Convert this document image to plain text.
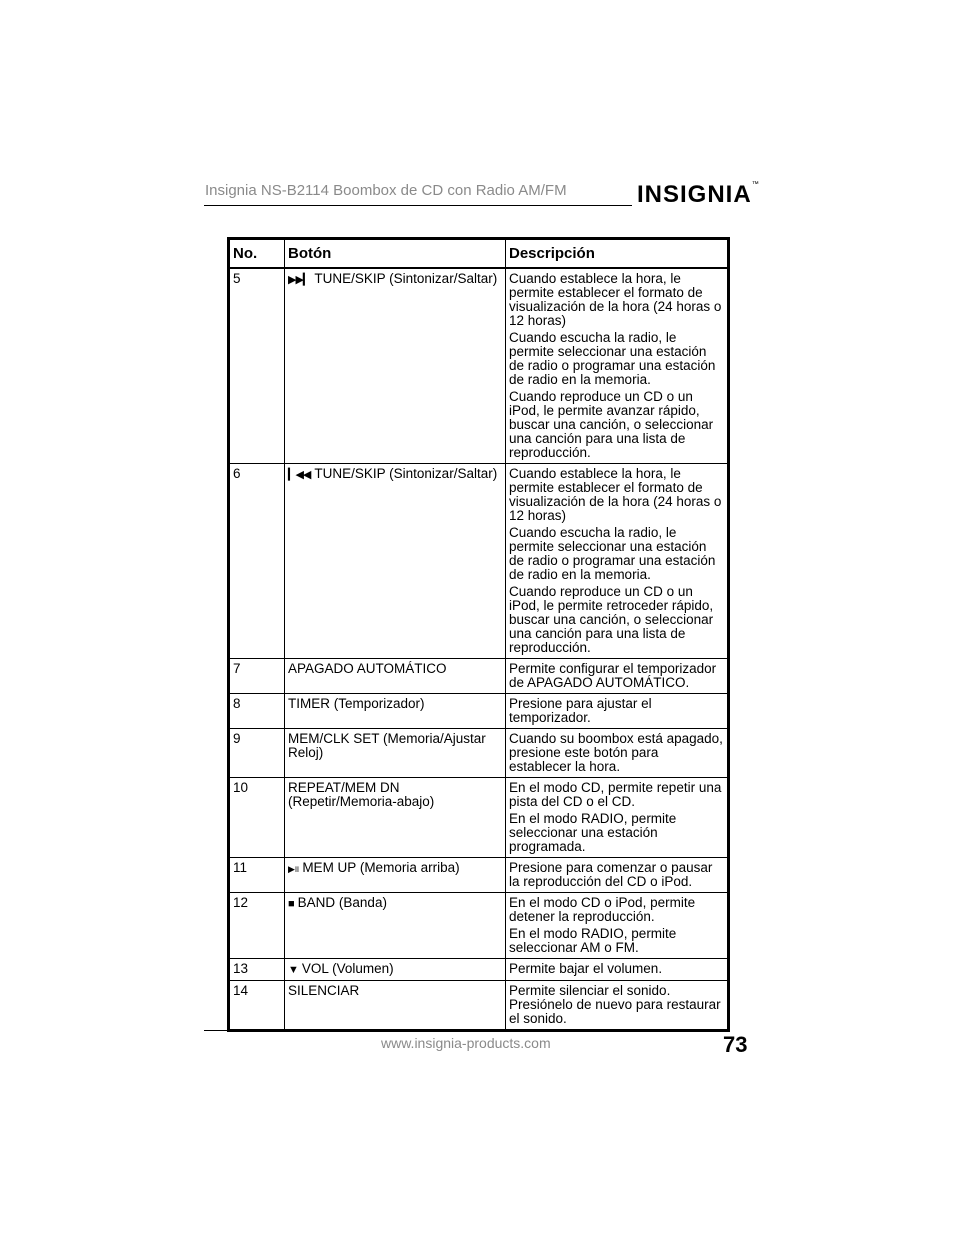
Insignia NS-B2114 Boombox de CD con Radio AM/FM	INSIGNIA™
No.	Botón	Descripción
5	▶▶▎ TUNE/SKIP (Sintonizar/Saltar)	Cuando establece la hora, le permite establecer el formato de visualización de la hora (24 horas o 12 horas)

Cuando escucha la radio, le permite seleccionar una estación de radio o programar una estación de radio en la memoria.

Cuando reproduce un CD o un iPod, le permite avanzar rápido, buscar una canción, o seleccionar una canción para una lista de reproducción.

6	▎◀◀ TUNE/SKIP (Sintonizar/Saltar)	Cuando establece la hora, le permite establecer el formato de visualización de la hora (24 horas o 12 horas)

Cuando escucha la radio, le permite seleccionar una estación de radio o programar una estación de radio en la memoria.

Cuando reproduce un CD o un iPod, le permite retroceder rápido, buscar una canción, o seleccionar una canción para una lista de reproducción.

7	APAGADO AUTOMÁTICO	Permite configurar el temporizador de APAGADO AUTOMÁTICO.

8	TIMER (Temporizador)	Presione para ajustar el temporizador.

9	MEM/CLK SET (Memoria/Ajustar Reloj)	Cuando su boombox está apagado, presione este botón para establecer la hora.

10	REPEAT/MEM DN (Repetir/Memoria-abajo)	En el modo CD, permite repetir una pista del CD o el CD.

En el modo RADIO, permite seleccionar una estación programada.

11	▶॥ MEM UP (Memoria arriba)	Presione para comenzar o pausar la reproducción del CD o iPod.

12	■ BAND (Banda)	En el modo CD o iPod, permite detener la reproducción.

En el modo RADIO, permite seleccionar AM o FM.

13	▼ VOL (Volumen)	Permite bajar el volumen.

14	SILENCIAR	Permite silenciar el sonido. Presiónelo de nuevo para restaurar el sonido.

www.insignia-products.com	73
